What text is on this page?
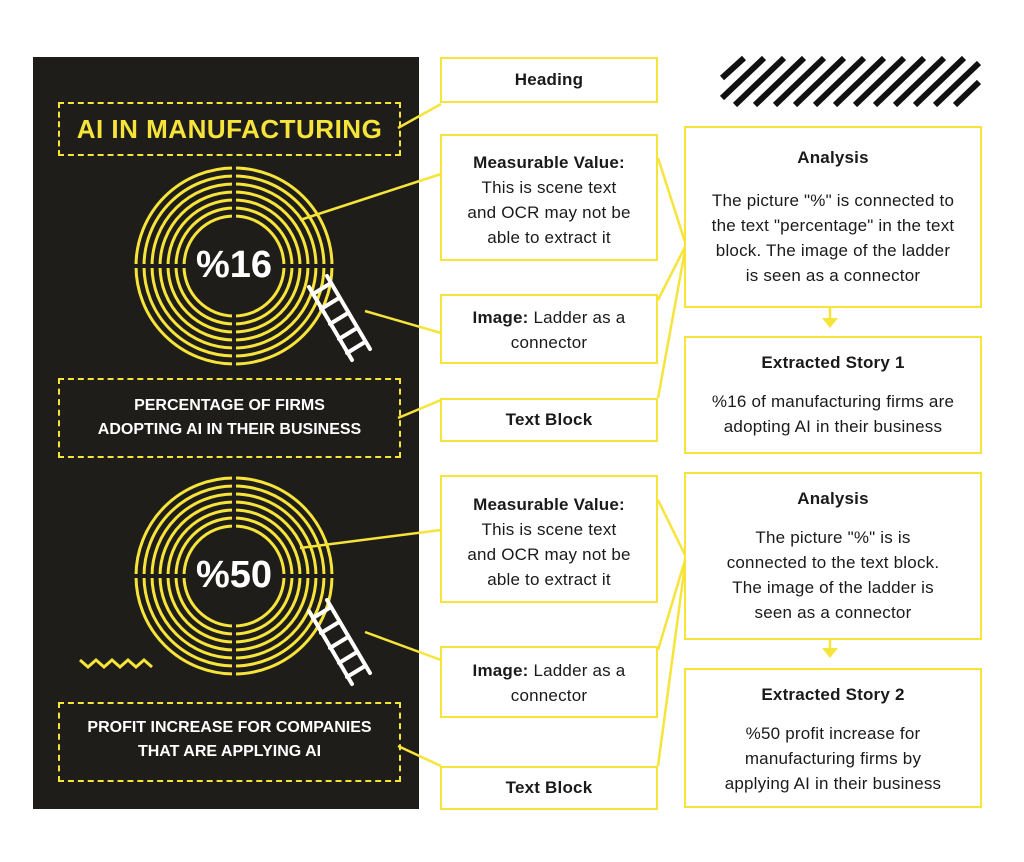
AI IN MANUFACTURING
%16
PERCENTAGE OF FIRMS
ADOPTING AI IN THEIR BUSINESS
%50
PROFIT INCREASE FOR COMPANIES
THAT ARE APPLYING AI
Heading
Measurable Value:
This is scene text
and OCR may not be
able to extract it
Image: Ladder as a
connector
Text Block
Measurable Value:
This is scene text
and OCR may not be
able to extract it
Image: Ladder as a
connector
Text Block
Analysis
The picture "%" is connected to
the text "percentage" in the text
block. The image of the ladder
is seen as a connector
Extracted Story 1
%16 of manufacturing firms are
adopting AI in their business
Analysis
The picture "%" is is
connected to the text block.
The image of the ladder is
seen as a connector
Extracted Story 2
%50 profit increase for
manufacturing firms by
applying AI in their business
